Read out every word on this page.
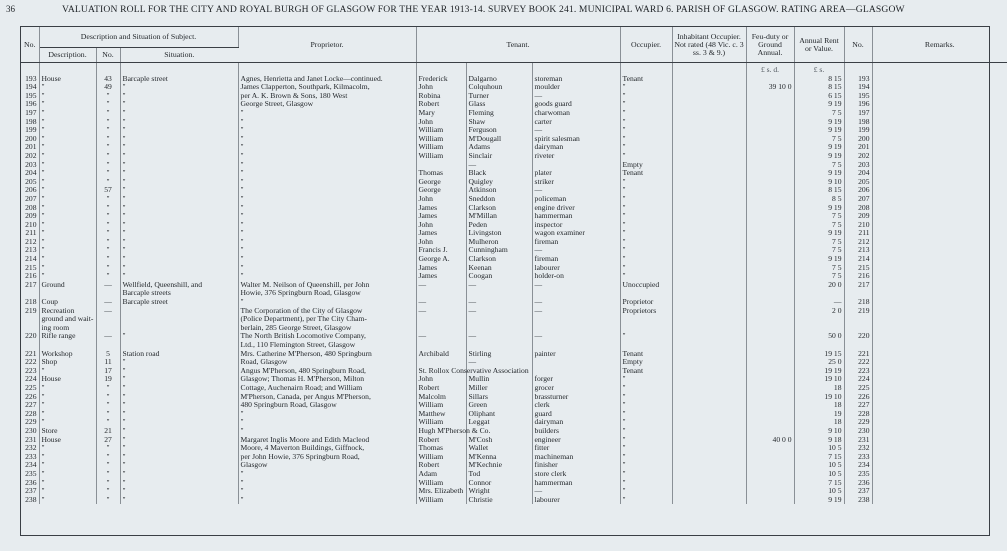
36	VALUATION ROLL FOR THE CITY AND ROYAL BURGH OF GLASGOW FOR THE YEAR 1913-14. SURVEY BOOK 241. MUNICIPAL WARD 6. PARISH OF GLASGOW. RATING AREA—GLASGOW
No.	Description and Situation of Subject.			Proprietor.	Tenant.			Occupier.	Inhabitant Occupier. Not rated (48 Vic. c. 3 ss. 3 & 9.)	Feu-duty or Ground Annual.	Annual Rent or Value.	No.	Remarks.
	Description.	No.	Situation.										
										£ s. d.	£ s.		
193	House	43	Barcaple street	Agnes, Henrietta and Janet Locke—continued.	Frederick	Dalgarno	storeman	Tenant			8 15	193	
194	"	49	"	James Clapperton, Southpark, Kilmacolm,	John	Colquhoun	moulder	"		39 10 0	8 15	194	
195	"	"	"	per A. K. Brown & Sons, 180 West	Robina	Turner	—	"			6 15	195	
196	"	"	"	George Street, Glasgow	Robert	Glass	goods guard	"			9 19	196	
197	"	"	"	"	Mary	Fleming	charwoman	"			7 5	197	
198	"	"	"	"	John	Shaw	carter	"			9 19	198	
199	"	"	"	"	William	Ferguson	—	"			9 19	199	
200	"	"	"	"	William	M'Dougall	spirit salesman	"			7 5	200	
201	"	"	"	"	William	Adams	dairyman	"			9 19	201	
202	"	"	"	"	William	Sinclair	riveter	"			9 19	202	
203	"	"	"	"		—		Empty			7 5	203	
204	"	"	"	"	Thomas	Black	plater	Tenant			9 19	204	
205	"	"	"	"	George	Quigley	striker	"			9 10	205	
206	"	57	"	"	George	Atkinson	—	"			8 15	206	
207	"	"	"	"	John	Sneddon	policeman	"			8 5	207	
208	"	"	"	"	James	Clarkson	engine driver	"			9 19	208	
209	"	"	"	"	James	M'Millan	hammerman	"			7 5	209	
210	"	"	"	"	John	Peden	inspector	"			7 5	210	
211	"	"	"	"	James	Livingston	wagon examiner	"			9 19	211	
212	"	"	"	"	John	Mulheron	fireman	"			7 5	212	
213	"	"	"	"	Francis J.	Cunningham	—	"			7 5	213	
214	"	"	"	"	George A.	Clarkson	fireman	"			9 19	214	
215	"	"	"	"	James	Keenan	labourer	"			7 5	215	
216	"	"	"	"	James	Coogan	holder-on	"			7 5	216	
217	Ground	—	Wellfield, Queenshill, and	Walter M. Neilson of Queenshill, per John	—	—	—	Unoccupied			20 0	217	
			Barcaple streets	Howie, 376 Springburn Road, Glasgow									
218	Coup	—	Barcaple street	"	—	—	—	Proprietor			—	218	
219	Recreation	—		The Corporation of the City of Glasgow	—	—	—	Proprietors			2 0	219	
	ground and wait-			(Police Department), per The City Cham-									
	ing room			berlain, 285 George Street, Glasgow									
220	Rifle range	—	"	The North British Locomotive Company,	—	—	—	"			50 0	220	
				Ltd., 110 Flemington Street, Glasgow									
221	Workshop	5	Station road	Mrs. Catherine M'Pherson, 480 Springburn	Archibald	Stirling	painter	Tenant			19 15	221	
222	Shop	11	"	Road, Glasgow		—		Empty			25 0	222	
223	"	17	"	Angus M'Pherson, 480 Springburn Road,	St. Rollox Conservative Association			Tenant			19 19	223	
224	House	19	"	Glasgow; Thomas H. M'Pherson, Milton	John	Mullin	forger	"			19 10	224	
225	"	"	"	Cottage, Auchenairn Road; and William	Robert	Miller	grocer	"			18	225	
226	"	"	"	M'Pherson, Canada, per Angus M'Pherson,	Malcolm	Sillars	brassturner	"			19 10	226	
227	"	"	"	480 Springburn Road, Glasgow	William	Green	clerk	"			18	227	
228	"	"	"	"	Matthew	Oliphant	guard	"			19	228	
229	"	"	"	"	William	Leggat	dairyman	"			18	229	
230	Store	21	"	"	Hugh M'Pherson & Co.		builders	"			9 10	230	
231	House	27	"	Margaret Inglis Moore and Edith Macleod	Robert	M'Cosh	engineer	"		40 0 0	9 18	231	
232	"	"	"	Moore, 4 Maverton Buildings, Giffnock,	Thomas	Wallet	fitter	"			10 5	232	
233	"	"	"	per John Howie, 376 Springburn Road,	William	M'Kenna	machineman	"			7 15	233	
234	"	"	"	Glasgow	Robert	M'Kechnie	finisher	"			10 5	234	
235	"	"	"	"	Adam	Tod	store clerk	"			10 5	235	
236	"	"	"	"	William	Connor	hammerman	"			7 15	236	
237	"	"	"	"	Mrs. Elizabeth	Wright	—	"			10 5	237	
238	"	"	"	"	William	Christie	labourer	"			9 19	238	
